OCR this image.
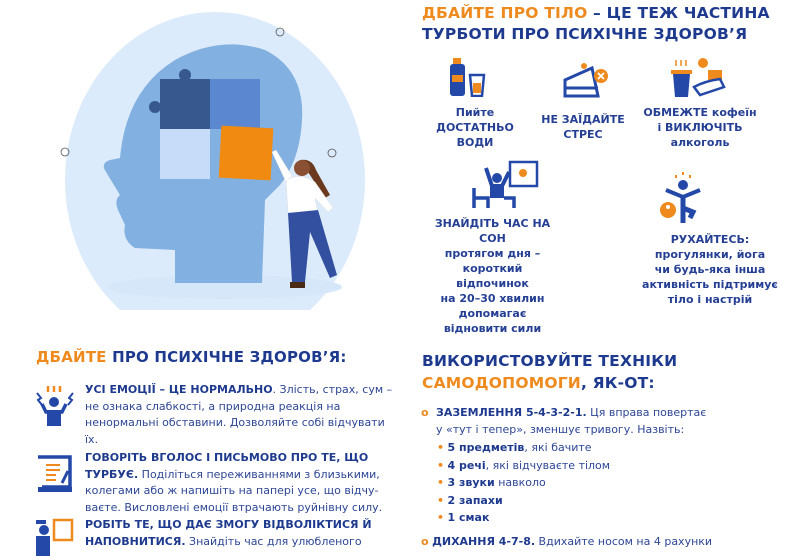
ДБАЙТЕ ПРО ТІЛО – ЦЕ ТЕЖ ЧАСТИНА
ТУРБОТИ ПРО ПСИХІЧНЕ ЗДОРОВ’Я
Пийте
ДОСТАТНЬО
ВОДИ
НЕ ЗАЇДАЙТЕ
СТРЕС
ОБМЕЖТЕ кофеїн
і ВИКЛЮЧІТЬ
алкоголь
ЗНАЙДІТЬ ЧАС НА СОН
протягом дня –
короткий відпочинок
на 20–30 хвилин
допомагає
відновити сили
РУХАЙТЕСЬ:
прогулянки, йога
чи будь-яка інша
активність підтримує
тіло і настрій
ДБАЙТЕ ПРО ПСИХІЧНЕ ЗДОРОВ’Я:
УСІ ЕМОЦІЇ – ЦЕ НОРМАЛЬНО. Злість, страх, сум – не ознака слабкості, а природна реакція на ненормальні обставини. Дозволяйте собі відчувати їх.
ГОВОРІТЬ ВГОЛОС І ПИСЬМОВО ПРО ТЕ, ЩО ТУРБУЄ. Поділіться переживаннями з близькими, колегами або ж напишіть на папері усе, що відчуваєте. Висловлені емоції втрачають руйнівну силу.
РОБІТЬ ТЕ, ЩО ДАЄ ЗМОГУ ВІДВОЛІКТИСЯ Й НАПОВНИТИСЯ. Знайдіть час для улюбленого
ВИКОРИСТОВУЙТЕ ТЕХНІКИ
САМОДОПОМОГИ, ЯК-ОТ:
o ЗАЗЕМЛЕННЯ 5-4-3-2-1. Ця вправа повертає
у «тут і тепер», зменшує тривогу. Назвіть:
• 5 предметів, які бачите
• 4 речі, які відчуваєте тілом
• 3 звуки навколо
• 2 запахи
• 1 смак
o ДИХАННЯ 4-7-8. Вдихайте носом на 4 рахунки
